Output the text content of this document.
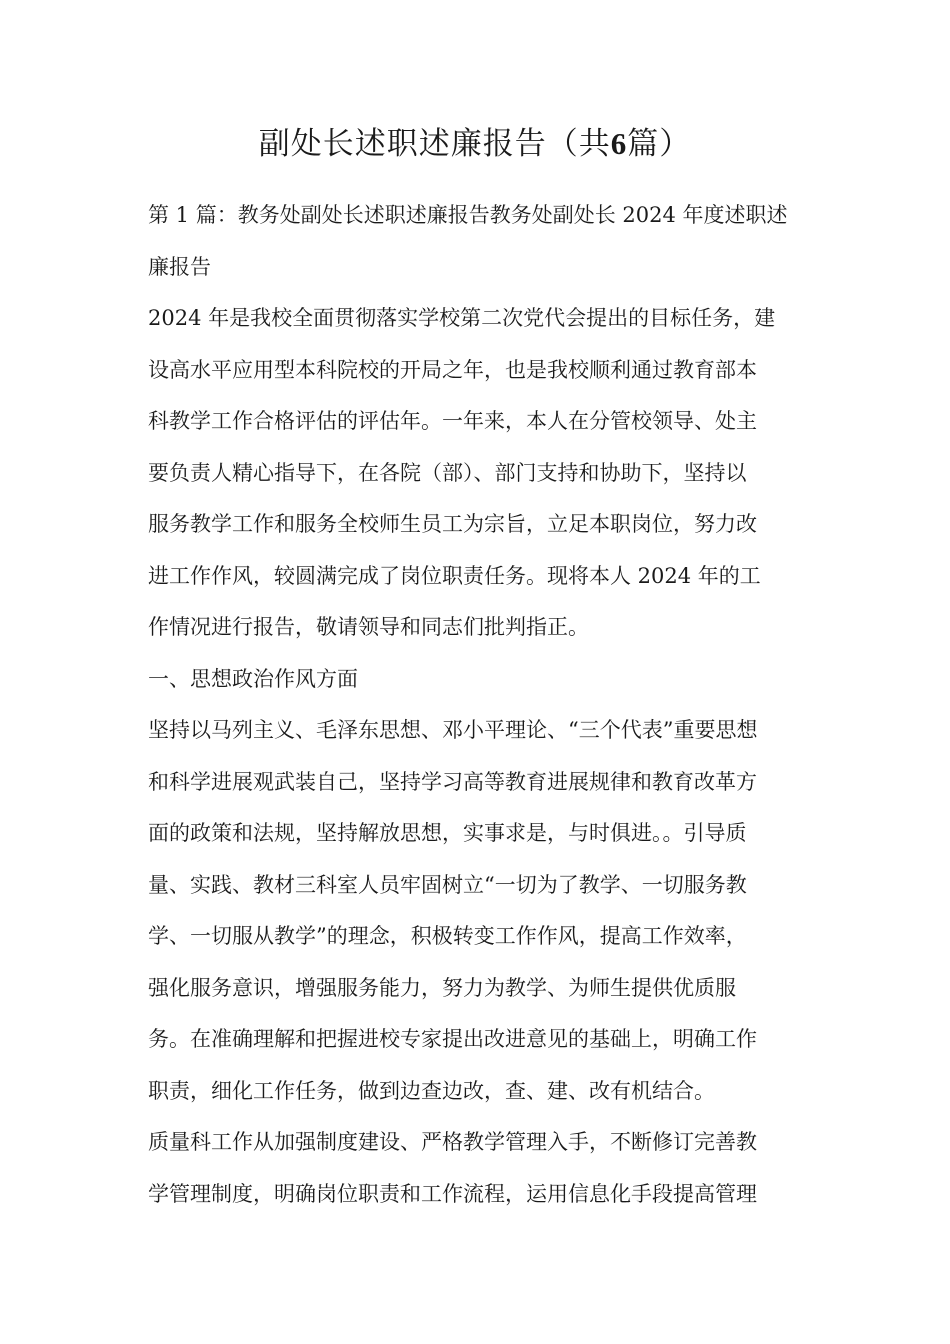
副处长述职述廉报告（共6篇）
第 1 篇：教务处副处长述职述廉报告教务处副处长 2024 年度述职述
廉报告
2024 年是我校全面贯彻落实学校第二次党代会提出的目标任务，建
设高水平应用型本科院校的开局之年，也是我校顺利通过教育部本
科教学工作合格评估的评估年。一年来，本人在分管校领导、处主
要负责人精心指导下，在各院（部）、部门支持和协助下，坚持以
服务教学工作和服务全校师生员工为宗旨，立足本职岗位，努力改
进工作作风，较圆满完成了岗位职责任务。现将本人 2024 年的工
作情况进行报告，敬请领导和同志们批判指正。
一、思想政治作风方面
坚持以马列主义、毛泽东思想、邓小平理论、“三个代表”重要思想
和科学进展观武装自己，坚持学习高等教育进展规律和教育改革方
面的政策和法规，坚持解放思想，实事求是，与时俱进。。引导质
量、实践、教材三科室人员牢固树立“一切为了教学、一切服务教
学、一切服从教学”的理念，积极转变工作作风，提高工作效率，
强化服务意识，增强服务能力，努力为教学、为师生提供优质服
务。在准确理解和把握进校专家提出改进意见的基础上，明确工作
职责，细化工作任务，做到边查边改，查、建、改有机结合。
质量科工作从加强制度建设、严格教学管理入手，不断修订完善教
学管理制度，明确岗位职责和工作流程，运用信息化手段提高管理
